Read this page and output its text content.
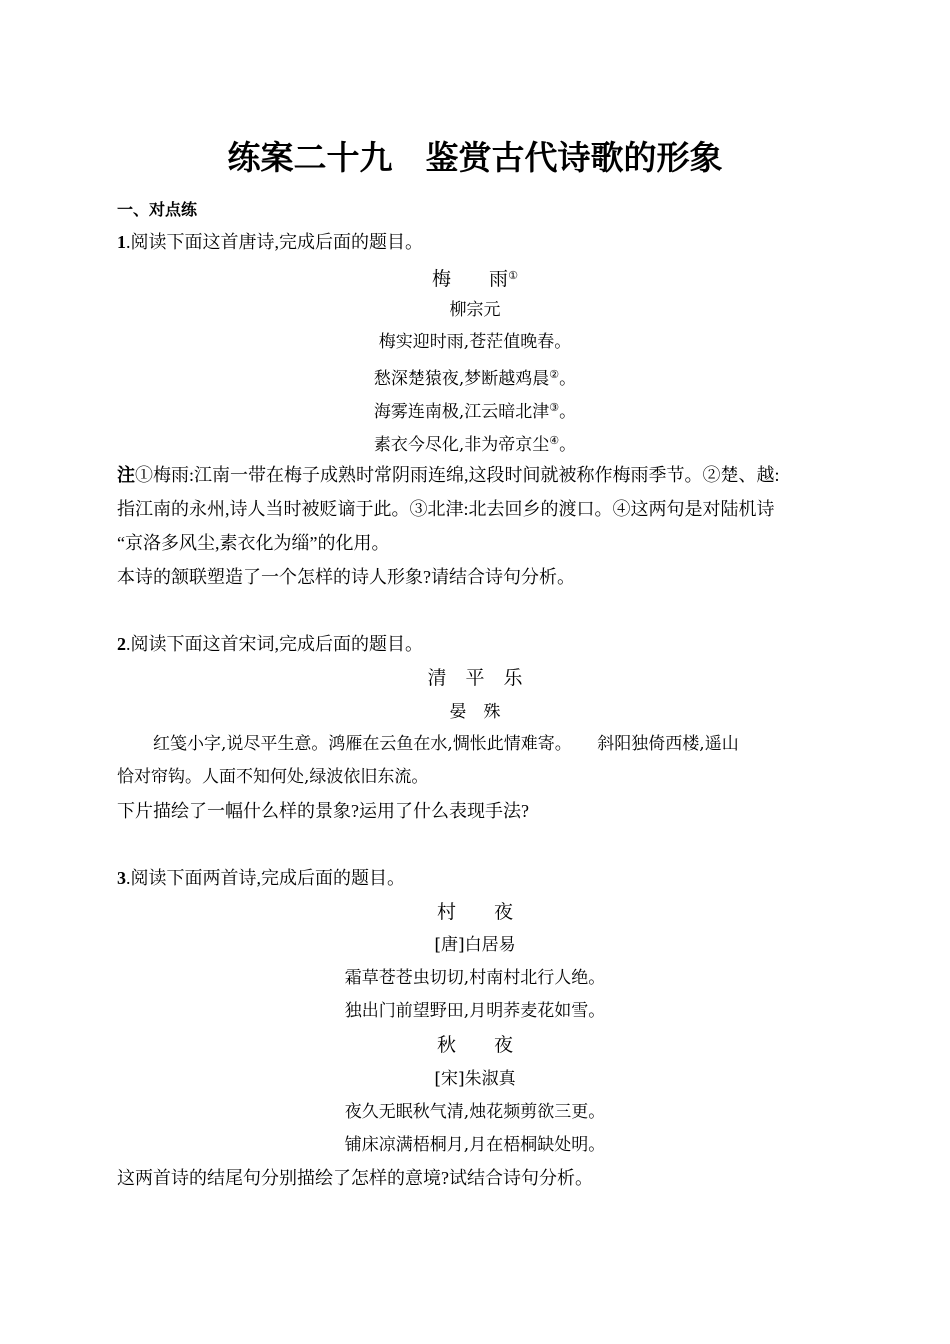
练案二十九　鉴赏古代诗歌的形象
一、对点练
1.阅读下面这首唐诗,完成后面的题目。
梅　　雨①
柳宗元
梅实迎时雨,苍茫值晚春。
愁深楚猿夜,梦断越鸡晨②。
海雾连南极,江云暗北津③。
素衣今尽化,非为帝京尘④。
注①梅雨:江南一带在梅子成熟时常阴雨连绵,这段时间就被称作梅雨季节。②楚、越:
指江南的永州,诗人当时被贬谪于此。③北津:北去回乡的渡口。④这两句是对陆机诗
“京洛多风尘,素衣化为缁”的化用。
本诗的颔联塑造了一个怎样的诗人形象?请结合诗句分析。
2.阅读下面这首宋词,完成后面的题目。
清　平　乐
晏　殊
红笺小字,说尽平生意。鸿雁在云鱼在水,惆怅此情难寄。　　斜阳独倚西楼,遥山
恰对帘钩。人面不知何处,绿波依旧东流。
下片描绘了一幅什么样的景象?运用了什么表现手法?
3.阅读下面两首诗,完成后面的题目。
村　　夜
[唐]白居易
霜草苍苍虫切切,村南村北行人绝。
独出门前望野田,月明荞麦花如雪。
秋　　夜
[宋]朱淑真
夜久无眠秋气清,烛花频剪欲三更。
铺床凉满梧桐月,月在梧桐缺处明。
这两首诗的结尾句分别描绘了怎样的意境?试结合诗句分析。
